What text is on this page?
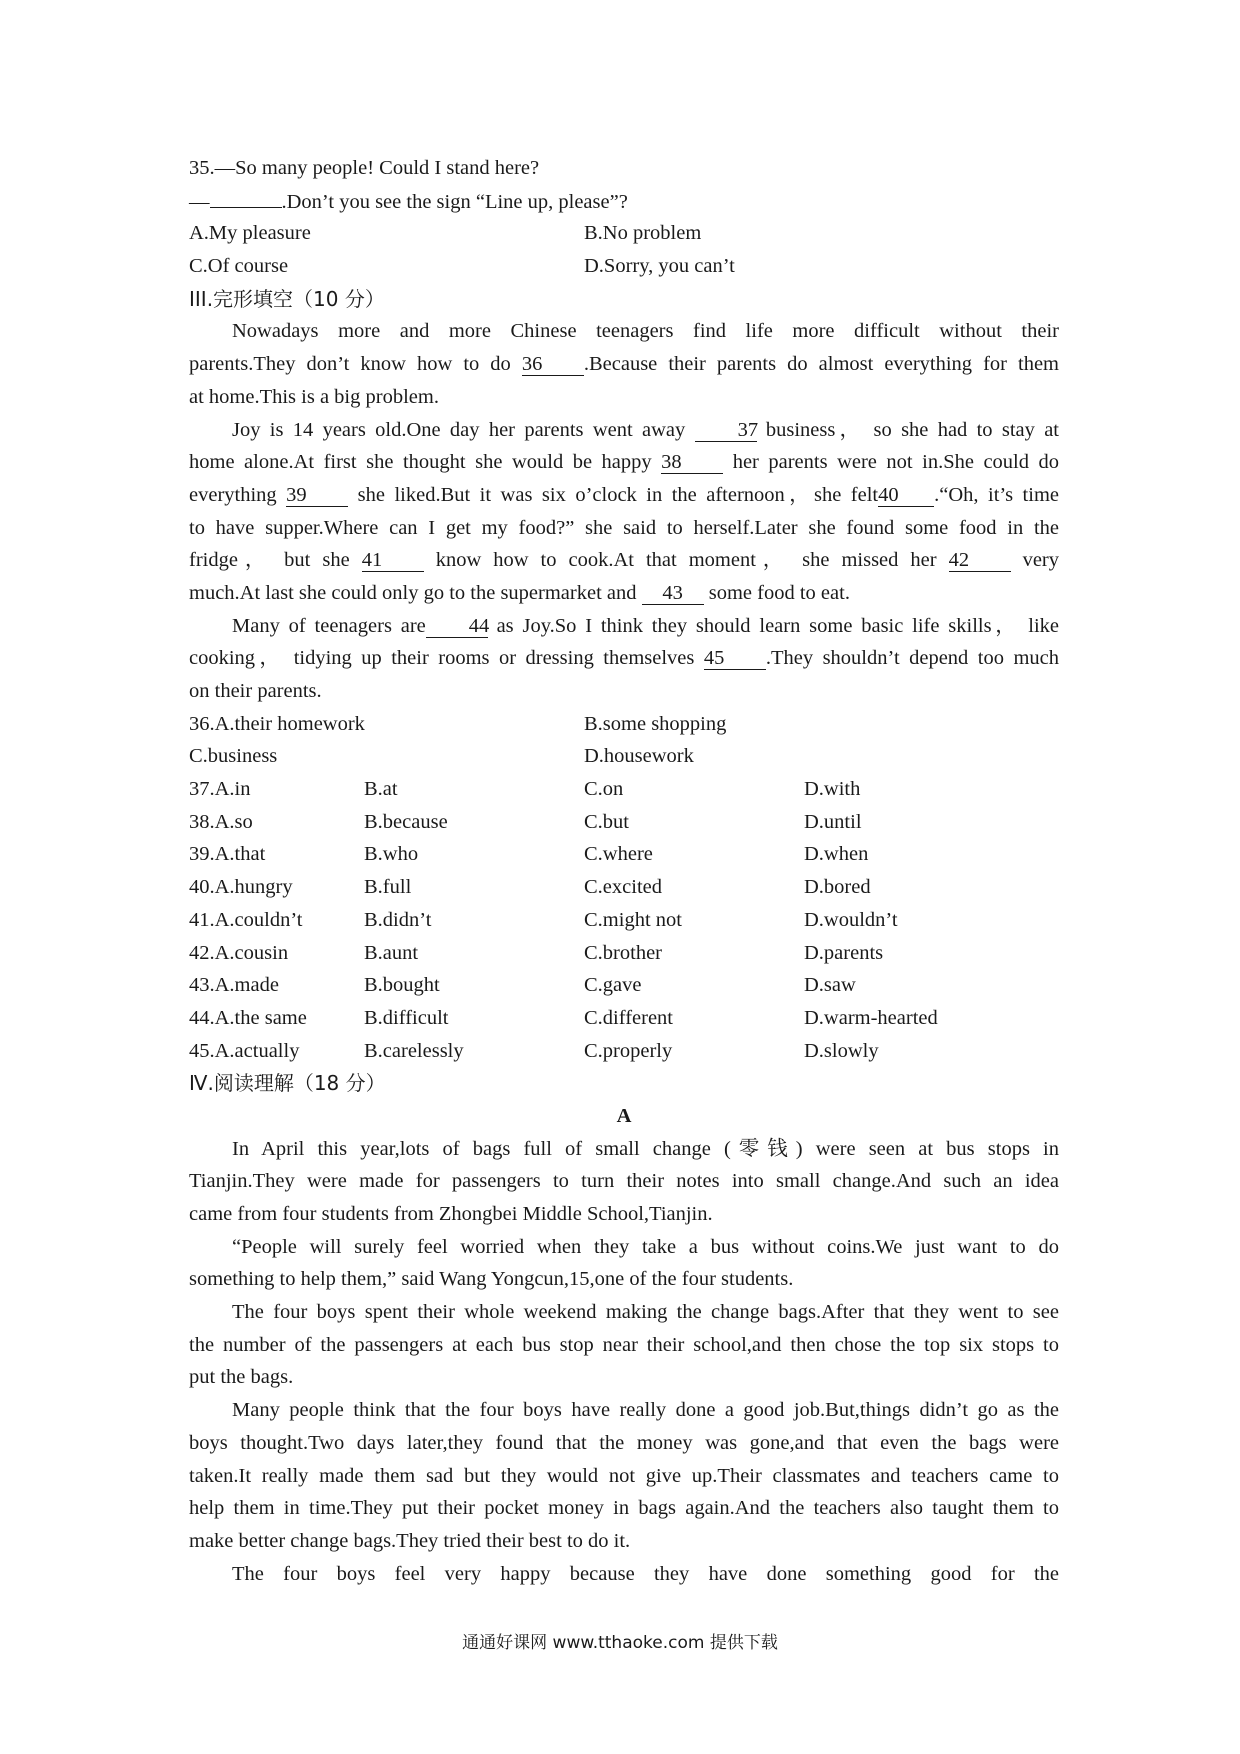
35.—So many people! Could I stand here?
—	.Don’t you see the sign “Line up, please”?
A.My pleasure	B.No problem
C.Of course	D.Sorry, you can’t
III.完形填空（10 分）
Nowadays more and more Chinese teenagers find life more difficult without their
parents.They don’t know how to do 36 .Because their parents do almost everything for them
at home.This is a big problem.
Joy is 14 years old.One day her parents went away	37 business， so she had to stay at
home alone.At first she thought she would be happy 38 her parents were not in.She could do
everything 39 she liked.But it was six o’clock in the afternoon，she felt40 .“Oh, it’s time
to have supper.Where can I get my food?” she said to herself.Later she found some food in the
fridge， but she 41	know how to cook.At that moment， she missed her 42	very
much.At last she could only go to the supermarket and 43 some food to eat.
Many of teenagers are 44 as Joy.So I think they should learn some basic life skills， like
cooking， tidying up their rooms or dressing themselves 45 .They shouldn’t depend too much
on their parents.
36.A.their homework	B.some shopping
C.business	D.housework
37.A.in	B.at	C.on	D.with
38.A.so	B.because	C.but	D.until
39.A.that	B.who	C.where	D.when
40.A.hungry	B.full	C.excited	D.bored
41.A.couldn’t	B.didn’t	C.might not	D.wouldn’t
42.A.cousin	B.aunt	C.brother	D.parents
43.A.made	B.bought	C.gave	D.saw
44.A.the same	B.difficult	C.different	D.warm-hearted
45.A.actually	B.carelessly	C.properly	D.slowly
Ⅳ.阅读理解（18 分）
A
In April this year,lots of bags full of small change (零钱) were seen at bus stops in
Tianjin.They were made for passengers to turn their notes into small change.And such an idea
came from four students from Zhongbei Middle School,Tianjin.
“People will surely feel worried when they take a bus without coins.We just want to do
something to help them,” said Wang Yongcun,15,one of the four students.
The four boys spent their whole weekend making the change bags.After that they went to see
the number of the passengers at each bus stop near their school,and then chose the top six stops to
put the bags.
Many people think that the four boys have really done a good job.But,things didn’t go as the
boys thought.Two days later,they found that the money was gone,and that even the bags were
taken.It really made them sad but they would not give up.Their classmates and teachers came to
help them in time.They put their pocket money in bags again.And the teachers also taught them to
make better change bags.They tried their best to do it.
The four boys feel very happy because they have done something good for the
通通好课网 www.tthaoke.com 提供下载
